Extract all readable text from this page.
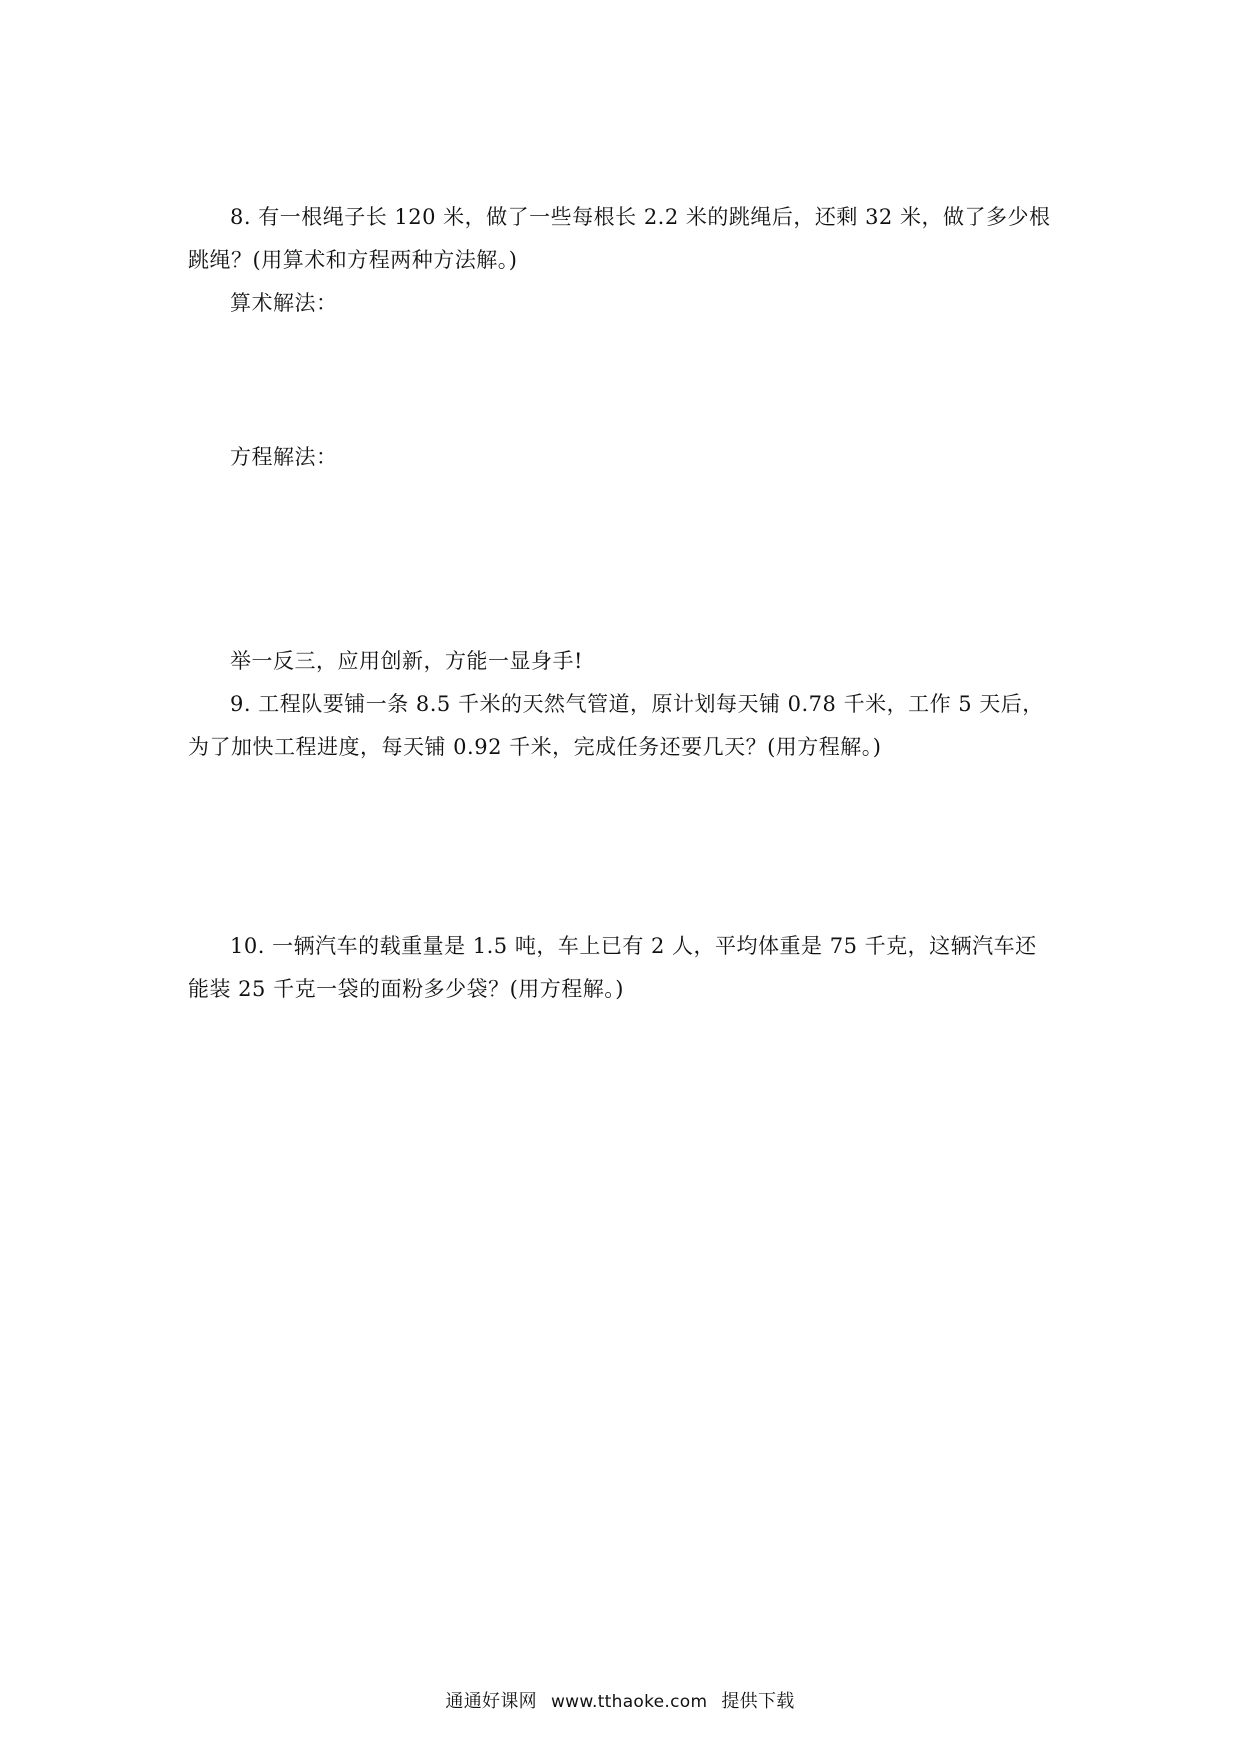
8. 有一根绳子长 120 米，做了一些每根长 2.2 米的跳绳后，还剩 32 米，做了多少根跳绳？(用算术和方程两种方法解。)

算术解法：

方程解法：

举一反三，应用创新，方能一显身手!

9. 工程队要铺一条 8.5 千米的天然气管道，原计划每天铺 0.78 千米，工作 5 天后，为了加快工程进度，每天铺 0.92 千米，完成任务还要几天？(用方程解。)

10. 一辆汽车的载重量是 1.5 吨，车上已有 2 人，平均体重是 75 千克，这辆汽车还能装 25 千克一袋的面粉多少袋？(用方程解。)

通通好课网 www.tthaoke.com 提供下载
